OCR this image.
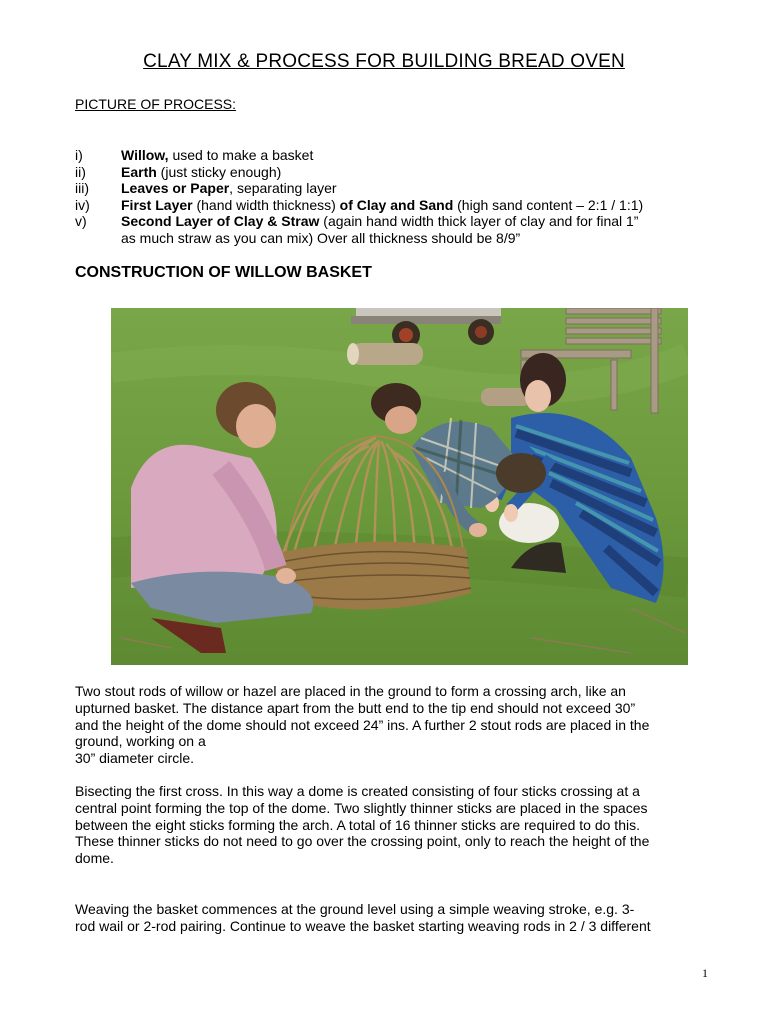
CLAY MIX & PROCESS FOR BUILDING BREAD OVEN
PICTURE OF PROCESS:
i)	Willow, used to make a basket
ii)	Earth (just sticky enough)
iii)	Leaves or Paper, separating layer
iv)	First Layer (hand width thickness) of Clay and Sand (high sand content – 2:1 / 1:1)
v)	Second Layer of Clay & Straw (again hand width thick layer of clay and for final 1”
as much straw as you can mix) Over all thickness should be 8/9”
CONSTRUCTION OF WILLOW BASKET
Two stout rods of willow or hazel are placed in the ground to form a crossing arch, like an
upturned basket. The distance apart from the butt end to the tip end should not exceed 30”
and the height of the dome should not exceed 24” ins. A further 2 stout rods are placed in the
ground, working on a
30” diameter circle.
Bisecting the first cross. In this way a dome is created consisting of four sticks crossing at a
central point forming the top of the dome. Two slightly thinner sticks are placed in the spaces
between the eight sticks forming the arch. A total of 16 thinner sticks are required to do this.
These thinner sticks do not need to go over the crossing point, only to reach the height of the
dome.
Weaving the basket commences at the ground level using a simple weaving stroke, e.g. 3-
rod wail or 2-rod pairing. Continue to weave the basket starting weaving rods in 2 / 3 different
1
